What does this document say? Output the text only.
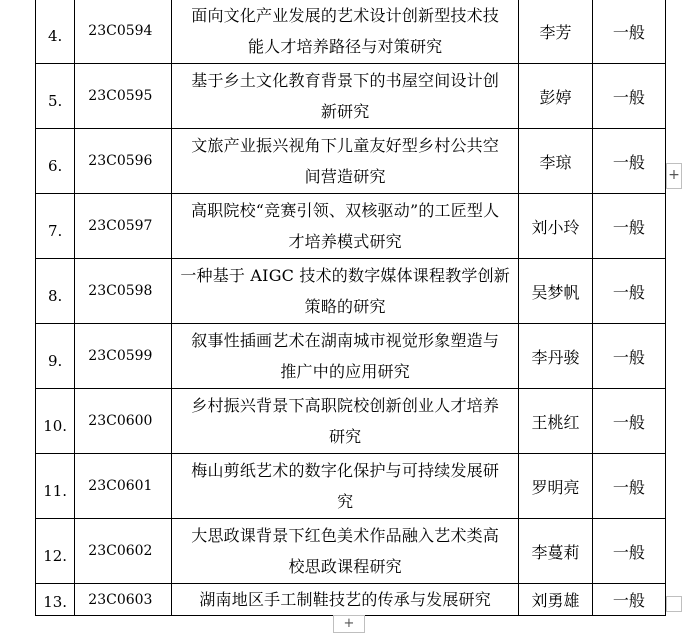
4.	23C0594	面向文化产业发展的艺术设计创新型技术技
能人才培养路径与对策研究	李芳	一般
5.	23C0595	基于乡土文化教育背景下的书屋空间设计创
新研究	彭婷	一般
6.	23C0596	文旅产业振兴视角下儿童友好型乡村公共空
间营造研究	李琼	一般
7.	23C0597	高职院校“竞赛引领、双核驱动”的工匠型人
才培养模式研究	刘小玲	一般
8.	23C0598	一种基于 AIGC 技术的数字媒体课程教学创新
策略的研究	吴梦帆	一般
9.	23C0599	叙事性插画艺术在湖南城市视觉形象塑造与
推广中的应用研究	李丹骏	一般
10.	23C0600	乡村振兴背景下高职院校创新创业人才培养
研究	王桃红	一般
11.	23C0601	梅山剪纸艺术的数字化保护与可持续发展研
究	罗明亮	一般
12.	23C0602	大思政课背景下红色美术作品融入艺术类高
校思政课程研究	李蔓莉	一般
13.	23C0603	湖南地区手工制鞋技艺的传承与发展研究	刘勇雄	一般
+
+
